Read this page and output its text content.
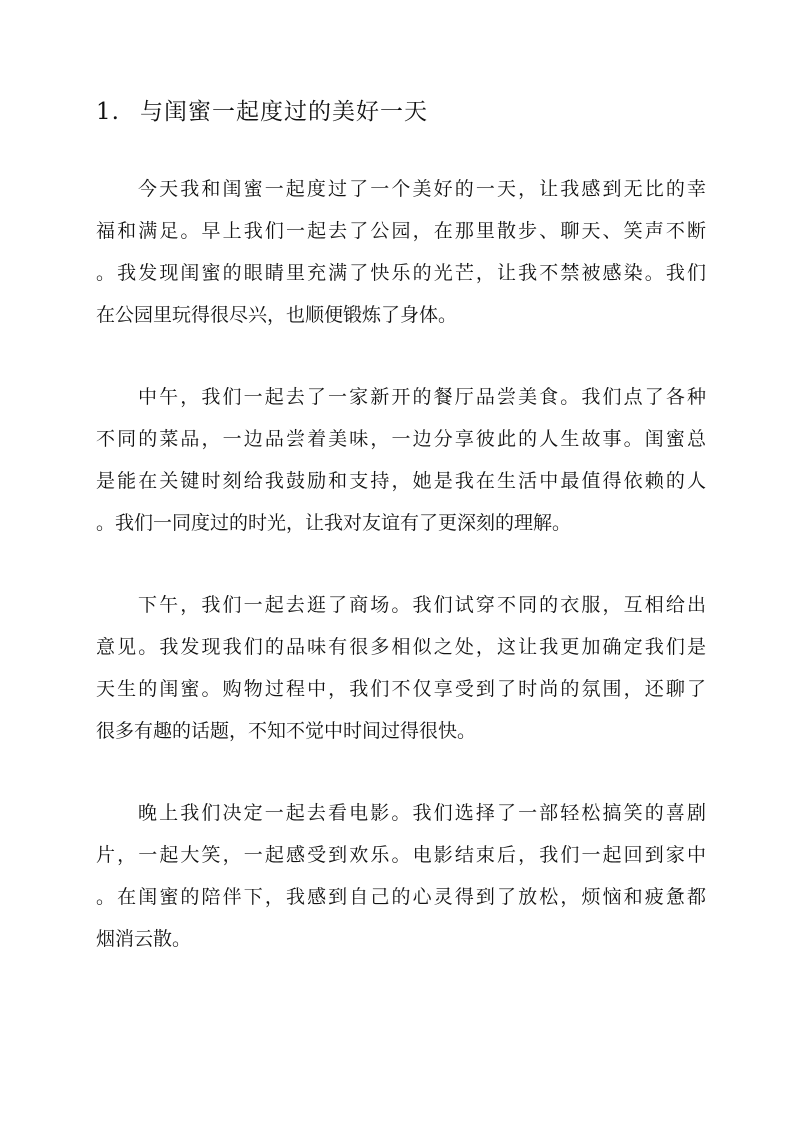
1. 与闺蜜一起度过的美好一天
今天我和闺蜜一起度过了一个美好的一天，让我感到无比的幸
福和满足。早上我们一起去了公园，在那里散步、聊天、笑声不断
。我发现闺蜜的眼睛里充满了快乐的光芒，让我不禁被感染。我们
在公园里玩得很尽兴，也顺便锻炼了身体。
中午，我们一起去了一家新开的餐厅品尝美食。我们点了各种
不同的菜品，一边品尝着美味，一边分享彼此的人生故事。闺蜜总
是能在关键时刻给我鼓励和支持，她是我在生活中最值得依赖的人
。我们一同度过的时光，让我对友谊有了更深刻的理解。
下午，我们一起去逛了商场。我们试穿不同的衣服，互相给出
意见。我发现我们的品味有很多相似之处，这让我更加确定我们是
天生的闺蜜。购物过程中，我们不仅享受到了时尚的氛围，还聊了
很多有趣的话题，不知不觉中时间过得很快。
晚上我们决定一起去看电影。我们选择了一部轻松搞笑的喜剧
片，一起大笑，一起感受到欢乐。电影结束后，我们一起回到家中
。在闺蜜的陪伴下，我感到自己的心灵得到了放松，烦恼和疲惫都
烟消云散。
